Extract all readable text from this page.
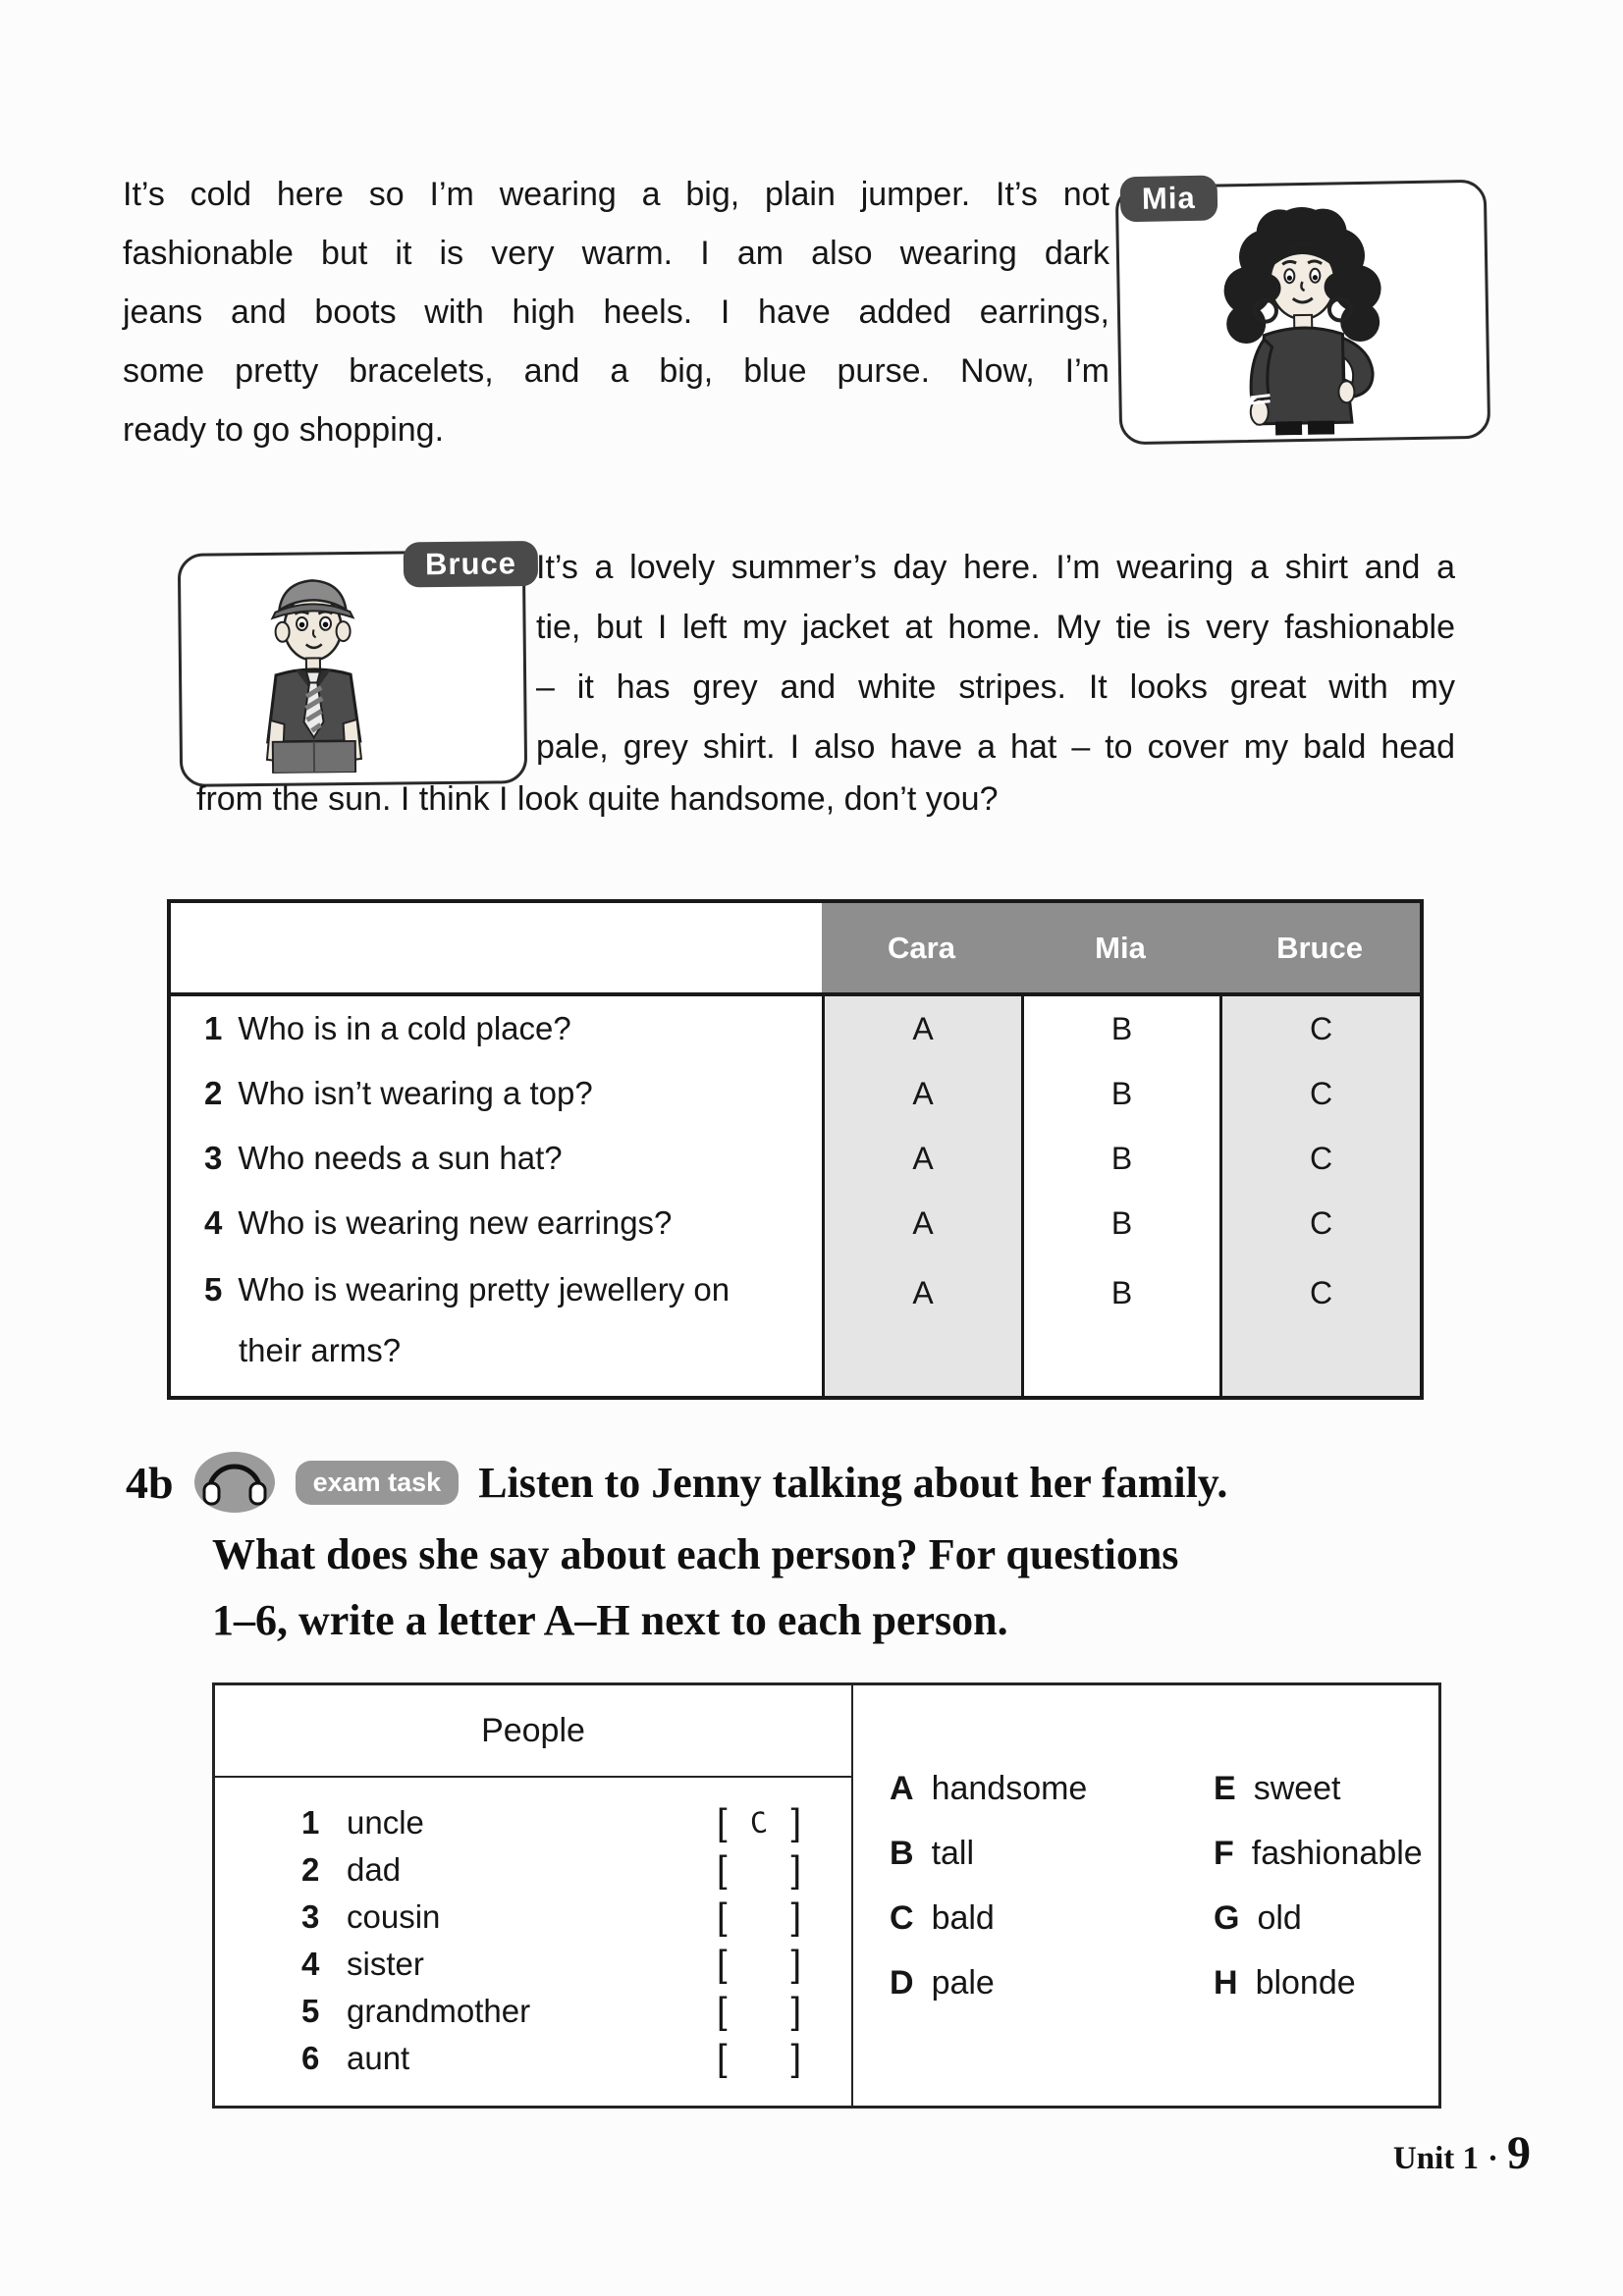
It’s cold here so I’m wearing a big, plain jumper. It’s not
fashionable but it is very warm. I am also wearing dark
jeans and boots with high heels. I have added earrings,
some pretty bracelets, and a big, blue purse. Now, I’m
ready to go shopping.
Mia
Bruce It’s a lovely summer’s day here. I’m wearing a shirt and a
tie, but I left my jacket at home. My tie is very fashionable
– it has grey and white stripes. It looks great with my
pale, grey shirt. I also have a hat – to cover my bald head
from the sun. I think I look quite handsome, don’t you?
Cara	Mia	Bruce
1 Who is in a cold place?	A	B	C
2 Who isn’t wearing a top?	A	B	C
3 Who needs a sun hat?	A	B	C
4 Who is wearing new earrings?	A	B	C
5 Who is wearing pretty jewellery on
their arms?
A	B	C
4b	exam task Listen to Jenny talking about her family.
What does she say about each person? For questions
1–6, write a letter A–H next to each person.
People
1 uncle	[ C ]
2 dad	[ ]
3 cousin	[ ]
4 sister	[ ]
5 grandmother	[ ]
6 aunt	[ ]
A handsome	E sweet
B tall	F fashionable
C bald	G old
D pale	H blonde
Unit 1 · 9
